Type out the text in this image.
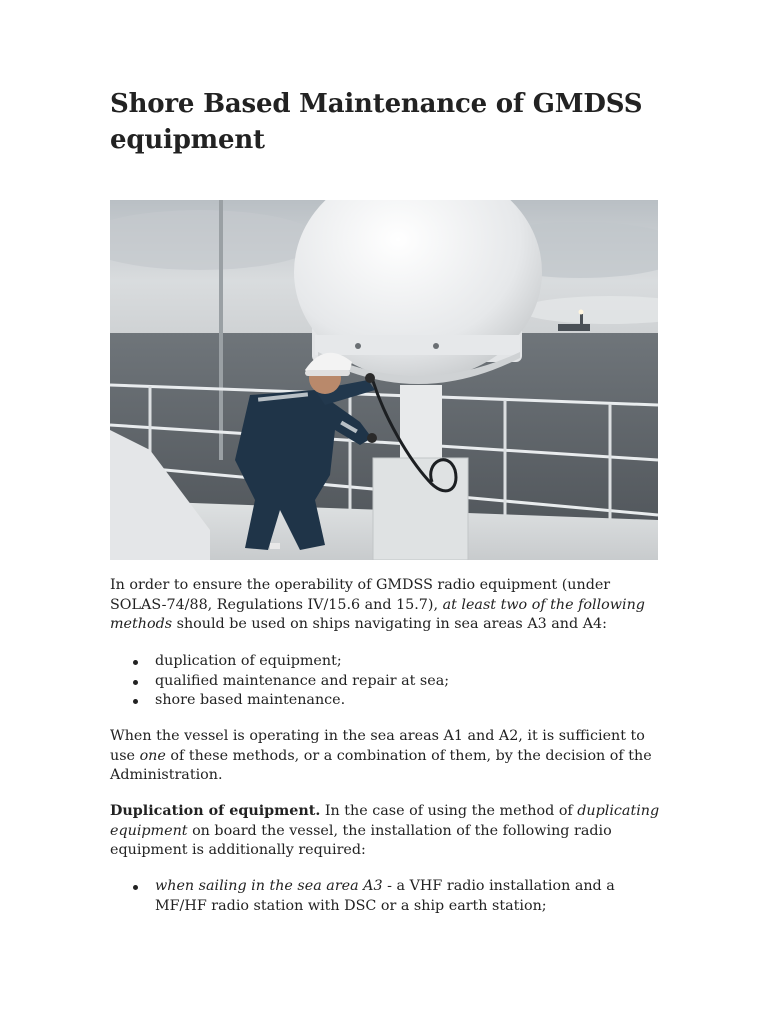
Shore Based Maintenance of GMDSS equipment

In order to ensure the operability of GMDSS radio equipment (under SOLAS-74/88, Regulations IV/15.6 and 15.7), at least two of the following methods should be used on ships navigating in sea areas A3 and A4:

duplication of equipment;
qualified maintenance and repair at sea;
shore based maintenance.

When the vessel is operating in the sea areas A1 and A2, it is sufficient to use one of these methods, or a combination of them, by the decision of the Administration.

Duplication of equipment. In the case of using the method of duplicating equipment on board the vessel, the installation of the following radio equipment is additionally required:

when sailing in the sea area A3 - a VHF radio installation and a MF/HF radio station with DSC or a ship earth station;
